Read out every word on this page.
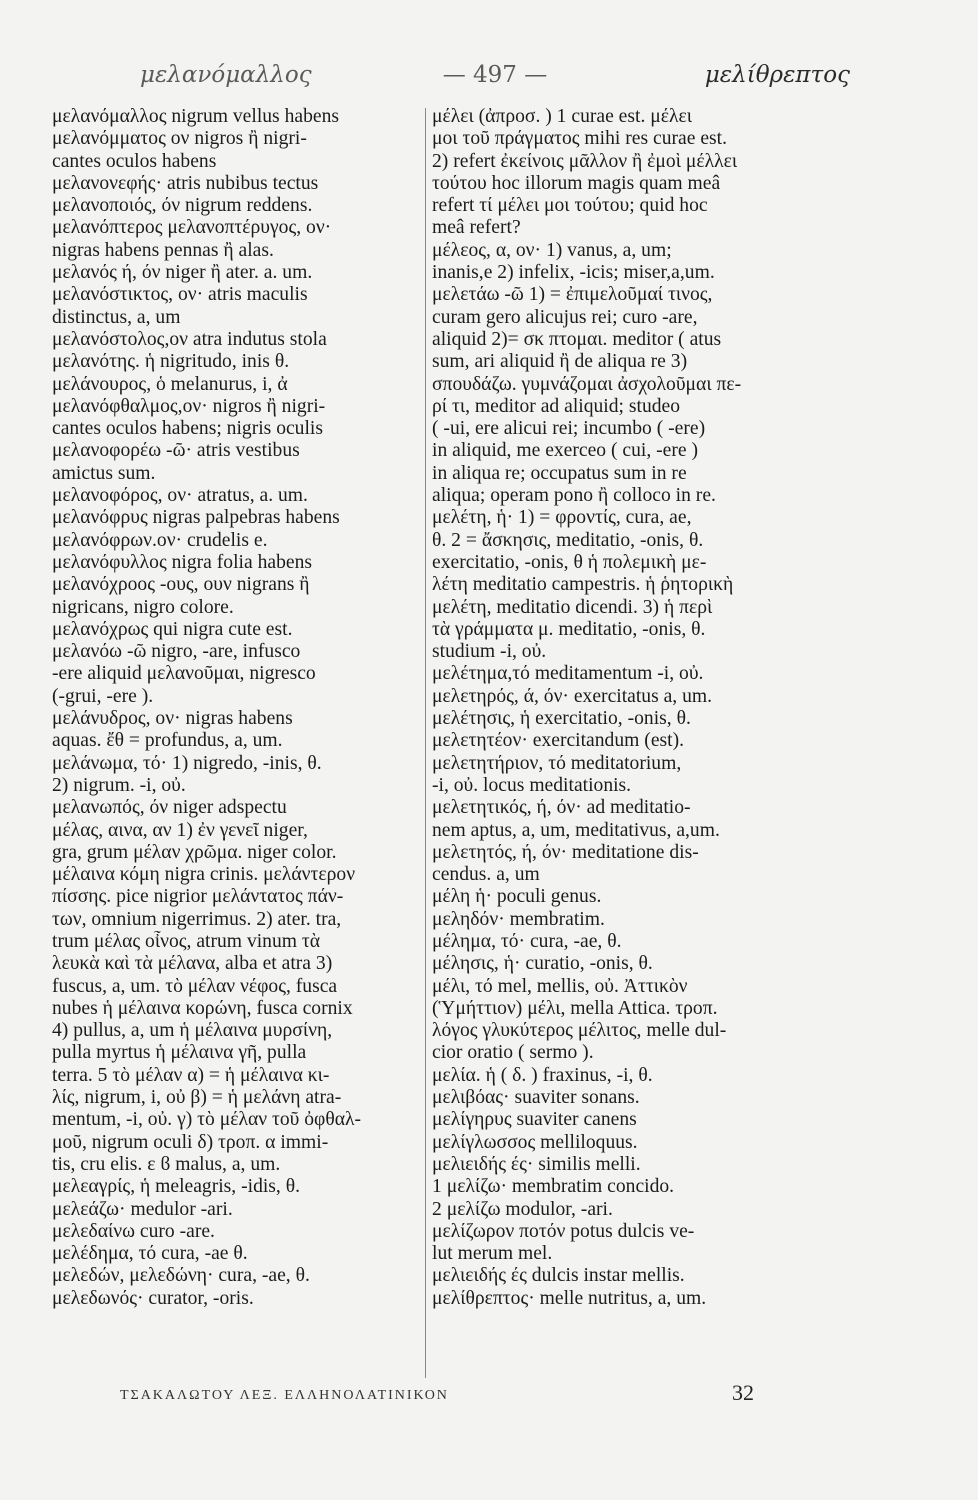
μελανόμαλλος	— 497 —	μελίθρεπτος
μελανόμαλλος nigrum vellus habens
μελανόμματος ον nigros ἢ nigri-
cantes oculos habens
μελανονεφής· atris nubibus tectus
μελανοποιός, όν nigrum reddens.
μελανόπτερος μελανοπτέρυγος, ον·
nigras habens pennas ἢ alas.
μελανός ή, όν niger ἢ ater. a. um.
μελανόστικτος, ον· atris maculis
distinctus, a, um
μελανόστολος,ον atra indutus stola
μελανότης. ἡ nigritudo, inis θ.
μελάνουρος, ὁ melanurus, i, ἀ
μελανόφθαλμος,ον· nigros ἢ nigri-
cantes oculos habens; nigris oculis
μελανοφορέω -ῶ· atris vestibus
amictus sum.
μελανοφόρος, ον· atratus, a. um.
μελανόφρυς nigras palpebras habens
μελανόφρων.ον· crudelis e.
μελανόφυλλος nigra folia habens
μελανόχροος -ους, ουν nigrans ἢ
nigricans, nigro colore.
μελανόχρως qui nigra cute est.
μελανόω -ῶ nigro, -are, infusco
-ere aliquid μελανοῦμαι, nigresco
(-grui, -ere ).
μελάνυδρος, ον· nigras habens
aquas. ἔθ = profundus, a, um.
μελάνωμα, τό· 1) nigredo, -inis, θ.
2) nigrum. -i, οὐ.
μελανωπός, όν niger adspectu
μέλας, αινα, αν 1) ἐν γενεῖ niger,
gra, grum μέλαν χρῶμα. niger color.
μέλαινα κόμη nigra crinis. μελάντερον
πίσσης. pice nigrior μελάντατος πάν-
των, omnium nigerrimus. 2) ater. tra,
trum μέλας οἶνος, atrum vinum τὰ
λευκὰ καὶ τὰ μέλανα, alba et atra 3)
fuscus, a, um. τὸ μέλαν νέφος, fusca
nubes ἡ μέλαινα κορώνη, fusca cornix
4) pullus, a, um ἡ μέλαινα μυρσίνη,
pulla myrtus ἡ μέλαινα γῆ, pulla
terra. 5 τὸ μέλαν α) = ἡ μέλαινα κι-
λίς, nigrum, i, οὐ β) = ἡ μελάνη atra-
mentum, -i, οὐ. γ) τὸ μέλαν τοῦ ὀφθαλ-
μοῦ, nigrum oculi δ) τροπ. α immi-
tis, cru elis. ε ϐ malus, a, um.
μελεαγρίς, ἡ meleagris, -idis, θ.
μελεάζω· medulor -ari.
μελεδαίνω curo -are.
μελέδημα, τό cura, -ae θ.
μελεδών, μελεδώνη· cura, -ae, θ.
μελεδωνός· curator, -oris.
μέλει (ἀπροσ. ) 1 curae est. μέλει
μοι τοῦ πράγματος mihi res curae est.
2) refert ἐκείνοις μᾶλλον ἢ ἐμοὶ μέλλει
τούτου hoc illorum magis quam meâ
refert τί μέλει μοι τούτου; quid hoc
meâ refert?
μέλεος, α, ον· 1) vanus, a, um;
inanis,e 2) infelix, -icis; miser,a,um.
μελετάω -ῶ 1) = ἐπιμελοῦμαί τινος,
curam gero alicujus rei; curo -are,
aliquid 2)= σκ πτομαι. meditor ( atus
sum, ari aliquid ἢ de aliqua re 3)
σπουδάζω. γυμνάζομαι ἀσχολοῦμαι πε-
ρί τι, meditor ad aliquid; studeo
( -ui, ere alicui rei; incumbo ( -ere)
in aliquid, me exerceo ( cui, -ere )
in aliqua re; occupatus sum in re
aliqua; operam pono ἢ colloco in re.
μελέτη, ἡ· 1) = φροντίς, cura, ae,
θ. 2 = ἄσκησις, meditatio, -onis, θ.
exercitatio, -onis, θ ἡ πολεμικὴ με-
λέτη meditatio campestris. ἡ ῥητορικὴ
μελέτη, meditatio dicendi. 3) ἡ περὶ
τὰ γράμματα μ. meditatio, -onis, θ.
studium -i, οὐ.
μελέτημα,τό meditamentum -i, οὐ.
μελετηρός, ά, όν· exercitatus a, um.
μελέτησις, ἡ exercitatio, -onis, θ.
μελετητέον· exercitandum (est).
μελετητήριον, τό meditatorium,
-i, οὐ. locus meditationis.
μελετητικός, ή, όν· ad meditatio-
nem aptus, a, um, meditativus, a,um.
μελετητός, ή, όν· meditatione dis-
cendus. a, um
μέλη ἡ· poculi genus.
μεληδόν· membratim.
μέλημα, τό· cura, -ae, θ.
μέλησις, ἡ· curatio, -onis, θ.
μέλι, τό mel, mellis, οὐ. Ἀττικὸν
(Ὑμήττιον) μέλι, mella Attica. τροπ.
λόγος γλυκύτερος μέλιτος, melle dul-
cior oratio ( sermo ).
μελία. ἡ ( δ. ) fraxinus, -i, θ.
μελιβόας· suaviter sonans.
μελίγηρυς suaviter canens
μελίγλωσσος melliloquus.
μελιειδής ές· similis melli.
1 μελίζω· membratim concido.
2 μελίζω modulor, -ari.
μελίζωρον ποτόν potus dulcis ve-
lut merum mel.
μελιειδής ές dulcis instar mellis.
μελίθρεπτος· melle nutritus, a, um.
ΤΣΑΚΑΛΩΤΟΥ ΛΕΞ. ΕΛΛΗΝΟΛΑΤΙΝΙΚΟΝ	32
